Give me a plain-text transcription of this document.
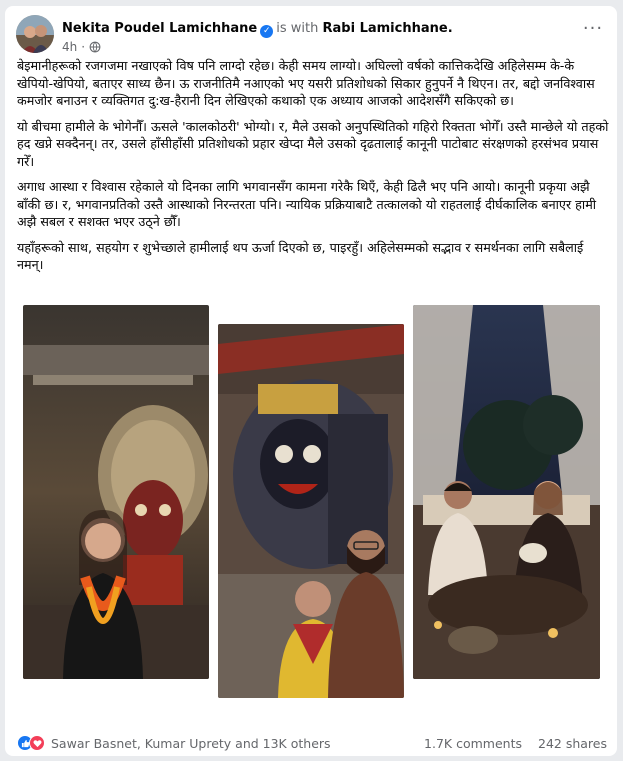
Nekita Poudel Lamichhane ✓ is with Rabi Lamichhane.
4h ·
···

बेइमानीहरूको रजगजमा नखाएको विष पनि लाग्दो रहेछ। केही समय लाग्यो। अघिल्लो वर्षको कात्तिकदेखि अहिलेसम्म के-के खेपियो-खेपियो, बताएर साध्य छैन। ऊ राजनीतिमै नआएको भए यसरी प्रतिशोधको सिकार हुनुपर्ने नै थिएन। तर, बद्दो जनविश्वास कमजोर बनाउन र व्यक्तिगत दु:ख-हैरानी दिन लेखिएको कथाको एक अध्याय आजको आदेशसँगै सकिएको छ।

यो बीचमा हामीले के भोगेनौँ। ऊसले 'कालकोठरी' भोग्यो। र, मैले उसको अनुपस्थितिको गहिरो रिक्तता भोगेँ। उस्तै मान्छेले यो तहको हद खप्ने सक्दैनन्। तर, उसले हाँसीहाँसी प्रतिशोधको प्रहार खेप्दा मैले उसको दृढतालाई कानूनी पाटोबाट संरक्षणको हरसंभव प्रयास गरेँ।

अगाध आस्था र विश्वास रहेकाले यो दिनका लागि भगवानसँग कामना गरेकै थिएँ, केही ढिलै भए पनि आयो। कानूनी प्रकृया अझै बाँकी छ। र, भगवानप्रतिको उस्तै आस्थाको निरन्तरता पनि। न्यायिक प्रक्रियाबाटै तत्कालको यो राहतलाई दीर्घकालिक बनाएर हामी अझै सबल र सशक्त भएर उठ्ने छौँ।

यहाँहरूको साथ, सहयोग र शुभेच्छाले हामीलाई थप ऊर्जा दिएको छ, पाइरहुँ। अहिलेसम्मको सद्भाव र समर्थनका लागि सबैलाई नमन्।

Sawar Basnet, Kumar Uprety and 13K others	1.7K comments 242 shares
